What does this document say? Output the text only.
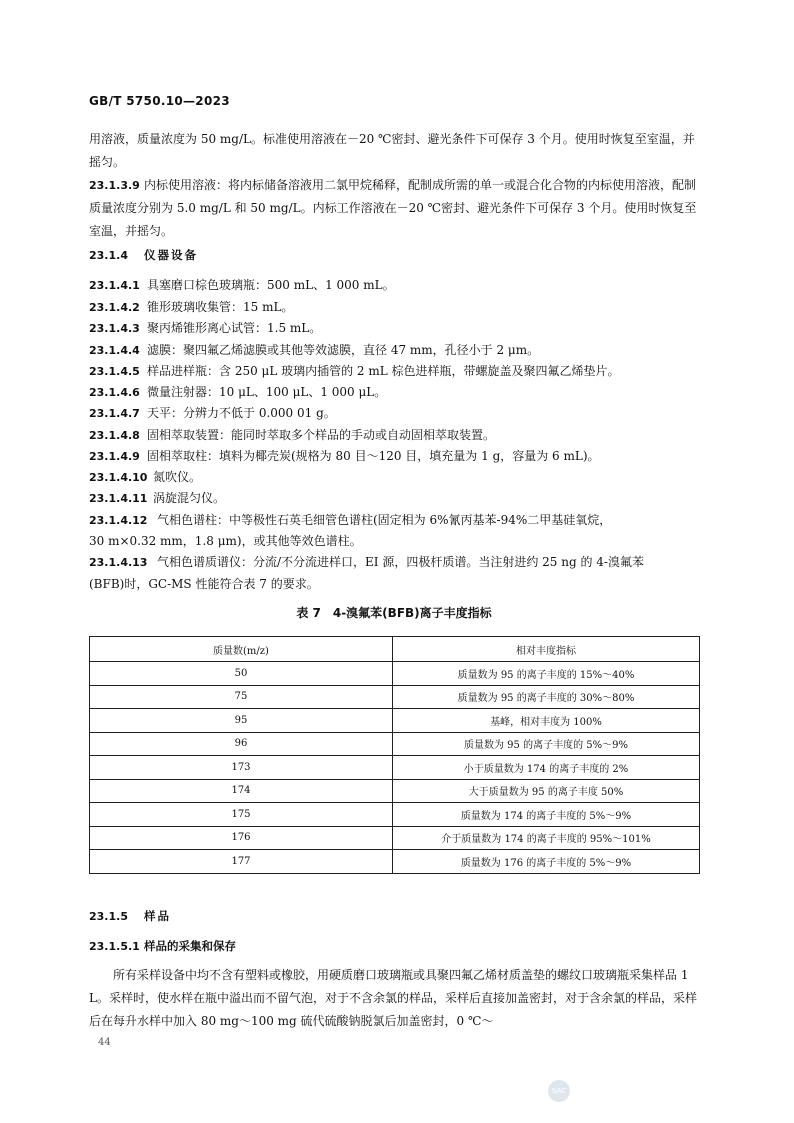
GB/T 5750.10—2023

用溶液，质量浓度为 50 mg/L。标准使用溶液在－20 ℃密封、避光条件下可保存 3 个月。使用时恢复至室温，并摇匀。

23.1.3.9 内标使用溶液：将内标储备溶液用二氯甲烷稀释，配制成所需的单一或混合化合物的内标使用溶液，配制质量浓度分别为 5.0 mg/L 和 50 mg/L。内标工作溶液在－20 ℃密封、避光条件下可保存 3 个月。使用时恢复至室温，并摇匀。

23.1.4 仪器设备
23.1.4.1 具塞磨口棕色玻璃瓶：500 mL、1 000 mL。
23.1.4.2 锥形玻璃收集管：15 mL。
23.1.4.3 聚丙烯锥形离心试管：1.5 mL。
23.1.4.4 滤膜：聚四氟乙烯滤膜或其他等效滤膜，直径 47 mm，孔径小于 2 μm。
23.1.4.5 样品进样瓶：含 250 μL 玻璃内插管的 2 mL 棕色进样瓶，带螺旋盖及聚四氟乙烯垫片。
23.1.4.6 微量注射器：10 μL、100 μL、1 000 μL。
23.1.4.7 天平：分辨力不低于 0.000 01 g。
23.1.4.8 固相萃取装置：能同时萃取多个样品的手动或自动固相萃取装置。
23.1.4.9 固相萃取柱：填料为椰壳炭(规格为 80 目～120 目，填充量为 1 g，容量为 6 mL)。
23.1.4.10 氮吹仪。
23.1.4.11 涡旋混匀仪。
23.1.4.12 气相色谱柱：中等极性石英毛细管色谱柱(固定相为 6%氰丙基苯-94%二甲基硅氧烷，
30 m×0.32 mm，1.8 μm)，或其他等效色谱柱。
23.1.4.13 气相色谱质谱仪：分流/不分流进样口，EI 源，四极杆质谱。当注射进约 25 ng 的 4-溴氟苯
(BFB)时，GC-MS 性能符合表 7 的要求。
表 7　4-溴氟苯(BFB)离子丰度指标
质量数(m/z)	相对丰度指标
50	质量数为 95 的离子丰度的 15%～40%
75	质量数为 95 的离子丰度的 30%～80%
95	基峰，相对丰度为 100%
96	质量数为 95 的离子丰度的 5%～9%
173	小于质量数为 174 的离子丰度的 2%
174	大于质量数为 95 的离子丰度 50%
175	质量数为 174 的离子丰度的 5%～9%
176	介于质量数为 174 的离子丰度的 95%～101%
177	质量数为 176 的离子丰度的 5%～9%
23.1.5 样品
23.1.5.1 样品的采集和保存

所有采样设备中均不含有塑料或橡胶，用硬质磨口玻璃瓶或具聚四氟乙烯材质盖垫的螺纹口玻璃瓶采集样品 1 L。采样时，使水样在瓶中溢出而不留气泡，对于不含余氯的样品，采样后直接加盖密封，对于含余氯的样品，采样后在每升水样中加入 80 mg～100 mg 硫代硫酸钠脱氯后加盖密封，0 ℃～

44
SAC
